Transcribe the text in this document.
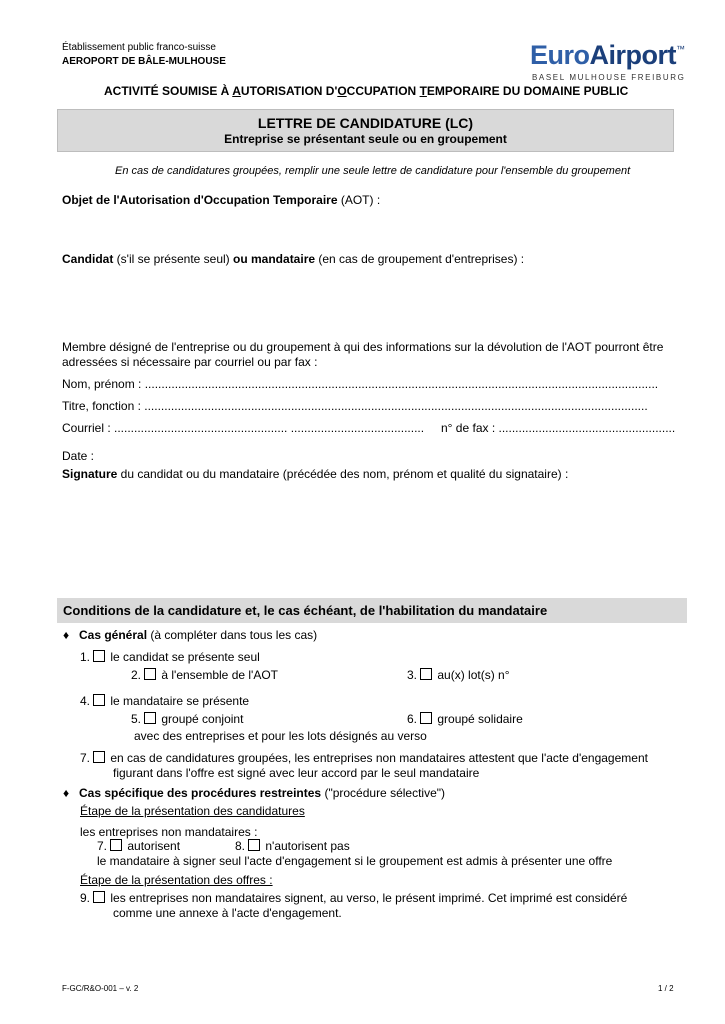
Établissement public franco-suisse
AEROPORT DE BÂLE-MULHOUSE	EuroAirport™
BASEL MULHOUSE FREIBURG
ACTIVITÉ SOUMISE À AUTORISATION D'OCCUPATION TEMPORAIRE DU DOMAINE PUBLIC
LETTRE DE CANDIDATURE (LC)
Entreprise se présentant seule ou en groupement
En cas de candidatures groupées, remplir une seule lettre de candidature pour l'ensemble du groupement
Objet de l'Autorisation d'Occupation Temporaire (AOT) :
Candidat (s'il se présente seul) ou mandataire (en cas de groupement d'entreprises) :
Membre désigné de l'entreprise ou du groupement à qui des informations sur la dévolution de l'AOT pourront être
adressées si nécessaire par courriel ou par fax :
Nom, prénom : ..........................................................................................................................................................
Titre, fonction : .......................................................................................................................................................
Courriel : .................................................... ........................................ n° de fax : .....................................................
Date :
Signature du candidat ou du mandataire (précédée des nom, prénom et qualité du signataire) :
Conditions de la candidature et, le cas échéant, de l'habilitation du mandataire
♦ Cas général (à compléter dans tous les cas)
1. le candidat se présente seul
2. à l'ensemble de l'AOT	3. au(x) lot(s) n°
4. le mandataire se présente
5. groupé conjoint	6. groupé solidaire
avec des entreprises et pour les lots désignés au verso
7. en cas de candidatures groupées, les entreprises non mandataires attestent que l'acte d'engagement
figurant dans l'offre est signé avec leur accord par le seul mandataire
♦ Cas spécifique des procédures restreintes ("procédure sélective")
Étape de la présentation des candidatures
les entreprises non mandataires :
7. autorisent	8. n'autorisent pas
le mandataire à signer seul l'acte d'engagement si le groupement est admis à présenter une offre
Étape de la présentation des offres :
9. les entreprises non mandataires signent, au verso, le présent imprimé. Cet imprimé est considéré
comme une annexe à l'acte d'engagement.
F-GC/R&O-001 – v. 2	1 / 2
